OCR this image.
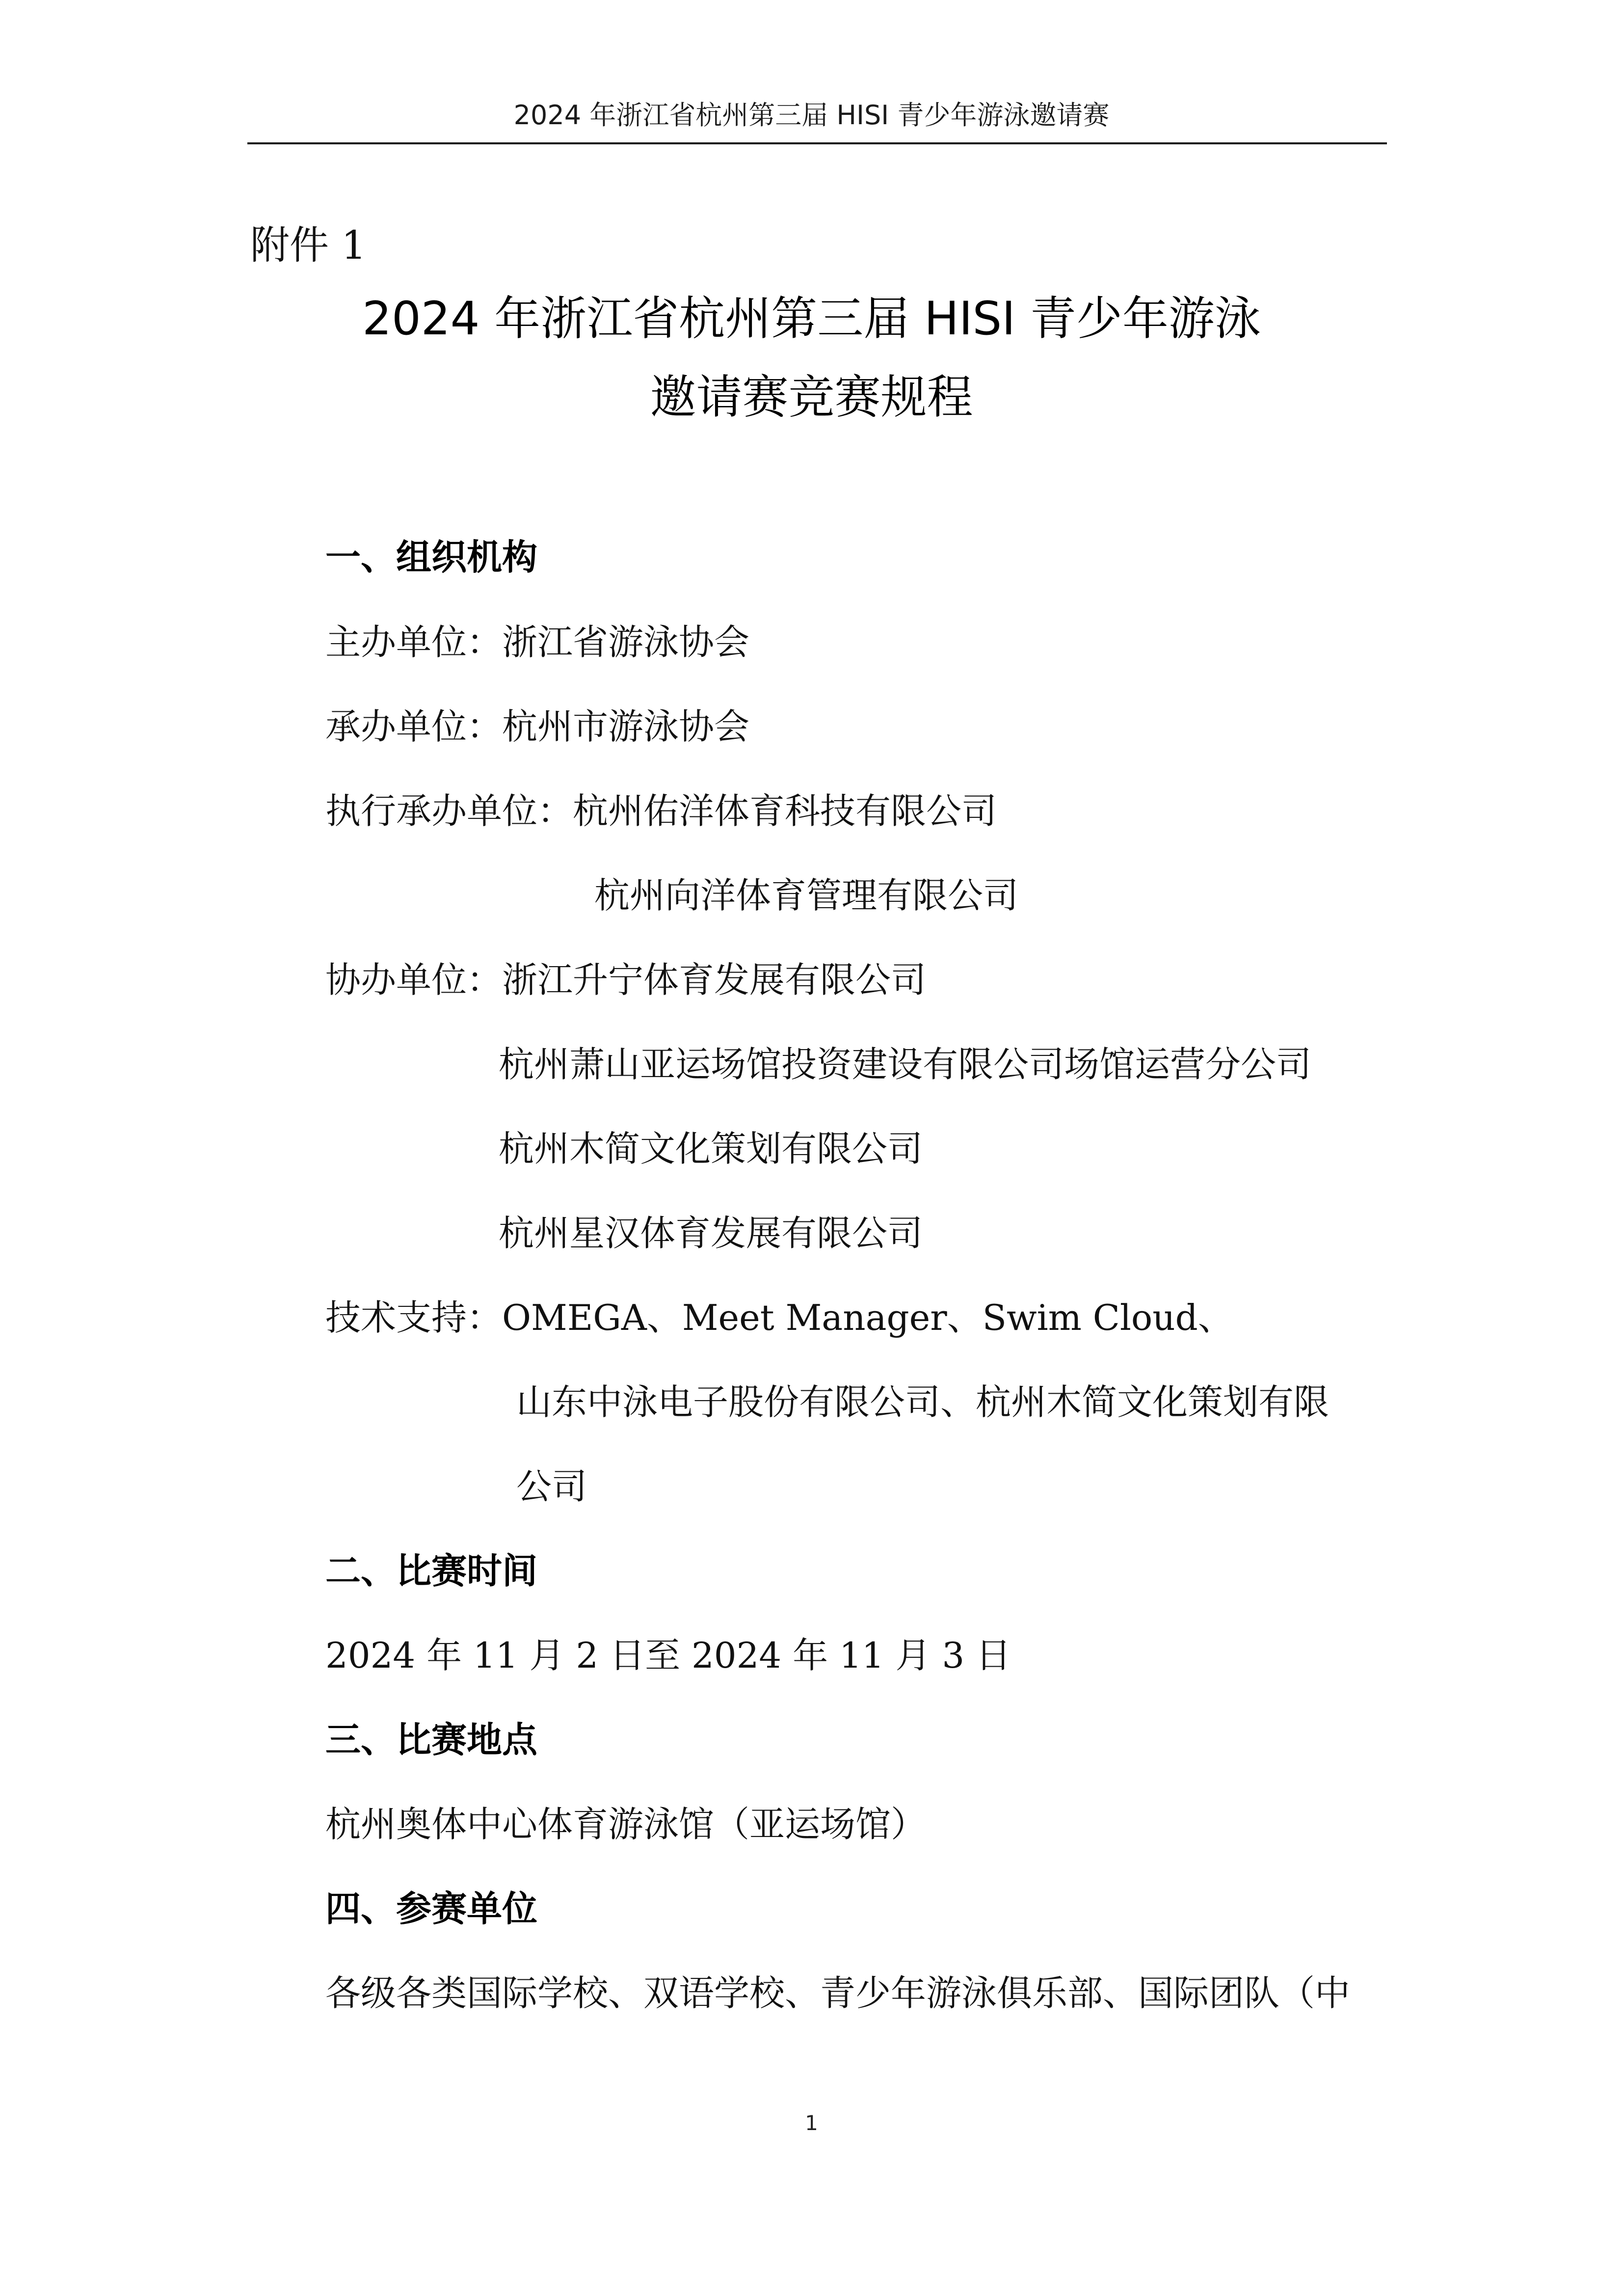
2024 年浙江省杭州第三届 HISI 青少年游泳邀请赛
附件 1
2024 年浙江省杭州第三届 HISI 青少年游泳
邀请赛竞赛规程
一、组织机构
主办单位：浙江省游泳协会
承办单位：杭州市游泳协会
执行承办单位：杭州佑洋体育科技有限公司
杭州向洋体育管理有限公司
协办单位：浙江升宁体育发展有限公司
杭州萧山亚运场馆投资建设有限公司场馆运营分公司
杭州木简文化策划有限公司
杭州星汉体育发展有限公司
技术支持：OMEGA、Meet Manager、Swim Cloud、
山东中泳电子股份有限公司、杭州木简文化策划有限
公司
二、比赛时间
2024 年 11 月 2 日至 2024 年 11 月 3 日
三、比赛地点
杭州奥体中心体育游泳馆（亚运场馆）
四、参赛单位
各级各类国际学校、双语学校、青少年游泳俱乐部、国际团队（中
1
